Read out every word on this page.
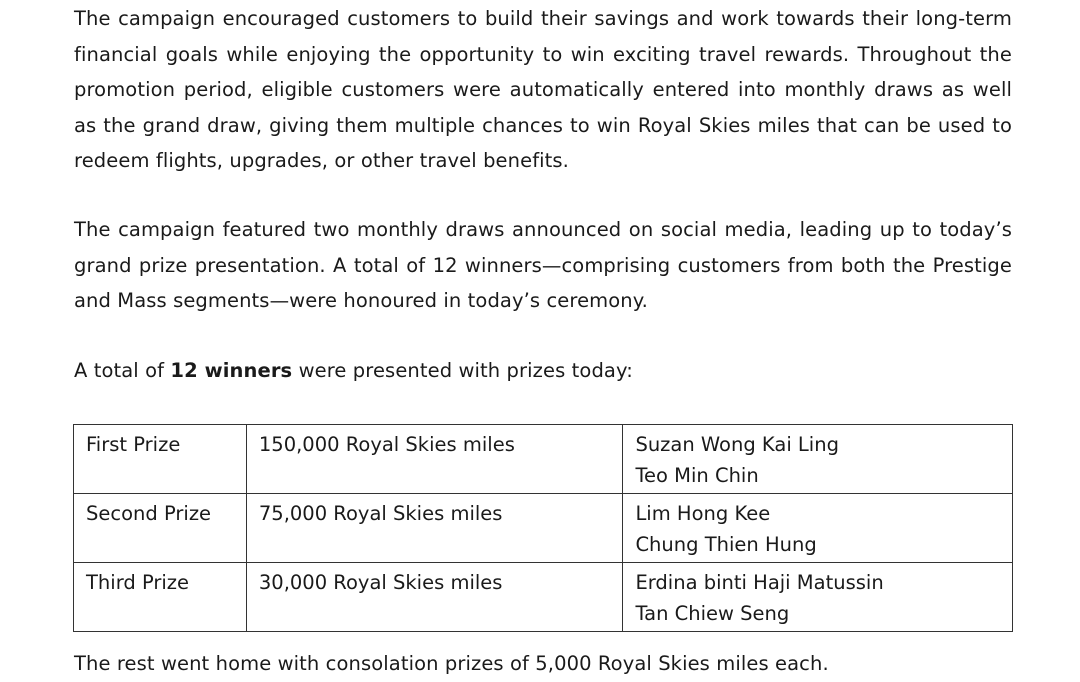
The campaign encouraged customers to build their savings and work towards their long-term financial goals while enjoying the opportunity to win exciting travel rewards. Throughout the promotion period, eligible customers were automatically entered into monthly draws as well as the grand draw, giving them multiple chances to win Royal Skies miles that can be used to redeem flights, upgrades, or other travel benefits.

The campaign featured two monthly draws announced on social media, leading up to today’s grand prize presentation. A total of 12 winners—comprising customers from both the Prestige and Mass segments—were honoured in today’s ceremony.

A total of 12 winners were presented with prizes today:

First Prize	150,000 Royal Skies miles	Suzan Wong Kai Ling
Teo Min Chin

Second Prize	75,000 Royal Skies miles	Lim Hong Kee
Chung Thien Hung

Third Prize	30,000 Royal Skies miles	Erdina binti Haji Matussin
Tan Chiew Seng

The rest went home with consolation prizes of 5,000 Royal Skies miles each.
